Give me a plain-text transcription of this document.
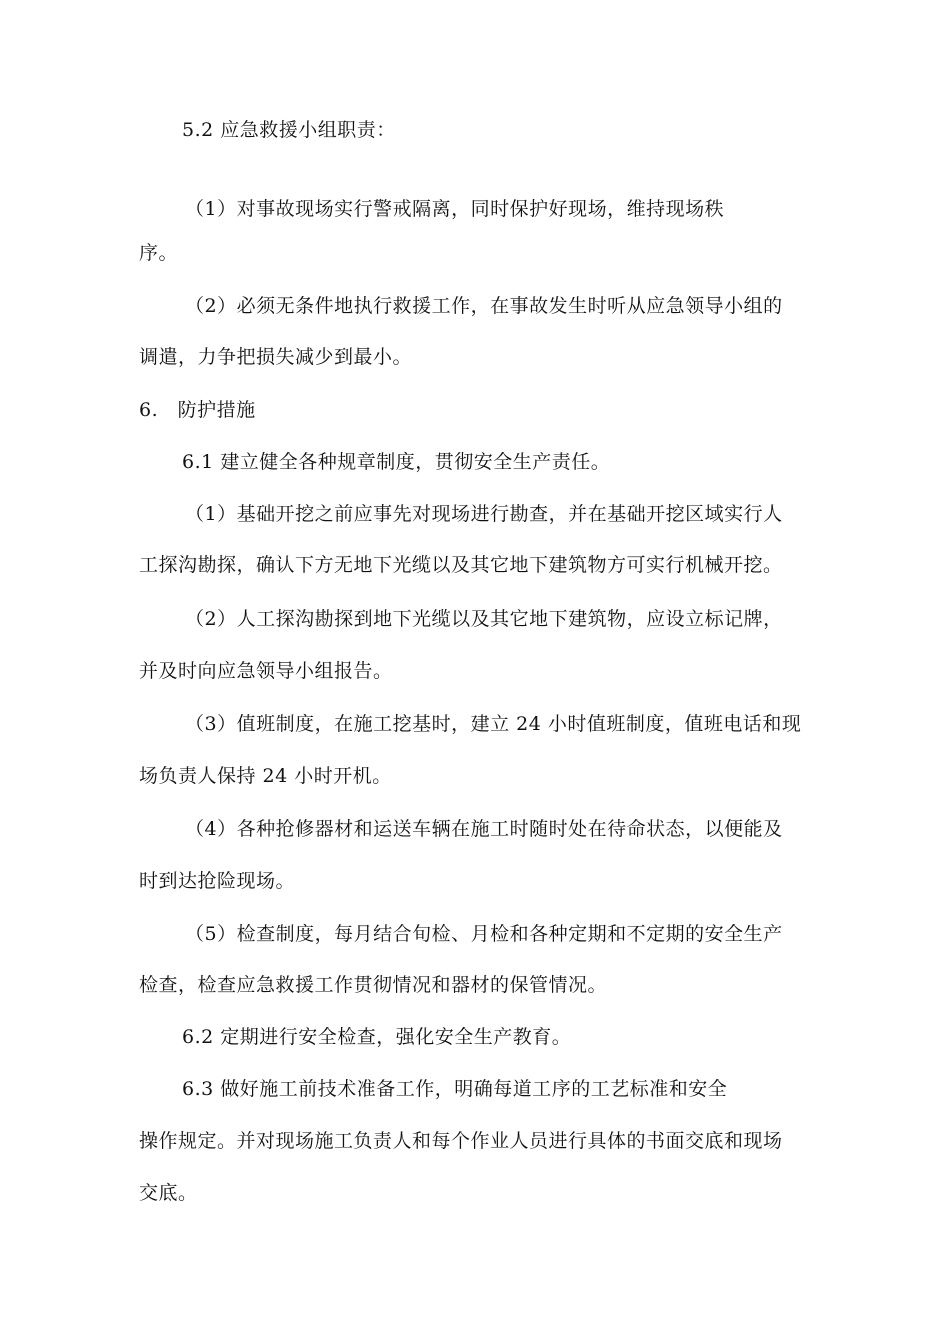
5.2 应急救援小组职责：
（1）对事故现场实行警戒隔离，同时保护好现场，维持现场秩
序。
（2）必须无条件地执行救援工作，在事故发生时听从应急领导小组的
调遣，力争把损失减少到最小。
6.　防护措施
6.1 建立健全各种规章制度，贯彻安全生产责任。
（1）基础开挖之前应事先对现场进行勘查，并在基础开挖区域实行人
工探沟勘探，确认下方无地下光缆以及其它地下建筑物方可实行机械开挖。
（2）人工探沟勘探到地下光缆以及其它地下建筑物，应设立标记牌，
并及时向应急领导小组报告。
（3）值班制度，在施工挖基时，建立 24 小时值班制度，值班电话和现
场负责人保持 24 小时开机。
（4）各种抢修器材和运送车辆在施工时随时处在待命状态，以便能及
时到达抢险现场。
（5）检查制度，每月结合旬检、月检和各种定期和不定期的安全生产
检查，检查应急救援工作贯彻情况和器材的保管情况。
6.2 定期进行安全检查，强化安全生产教育。
6.3 做好施工前技术准备工作，明确每道工序的工艺标准和安全
操作规定。并对现场施工负责人和每个作业人员进行具体的书面交底和现场
交底。
